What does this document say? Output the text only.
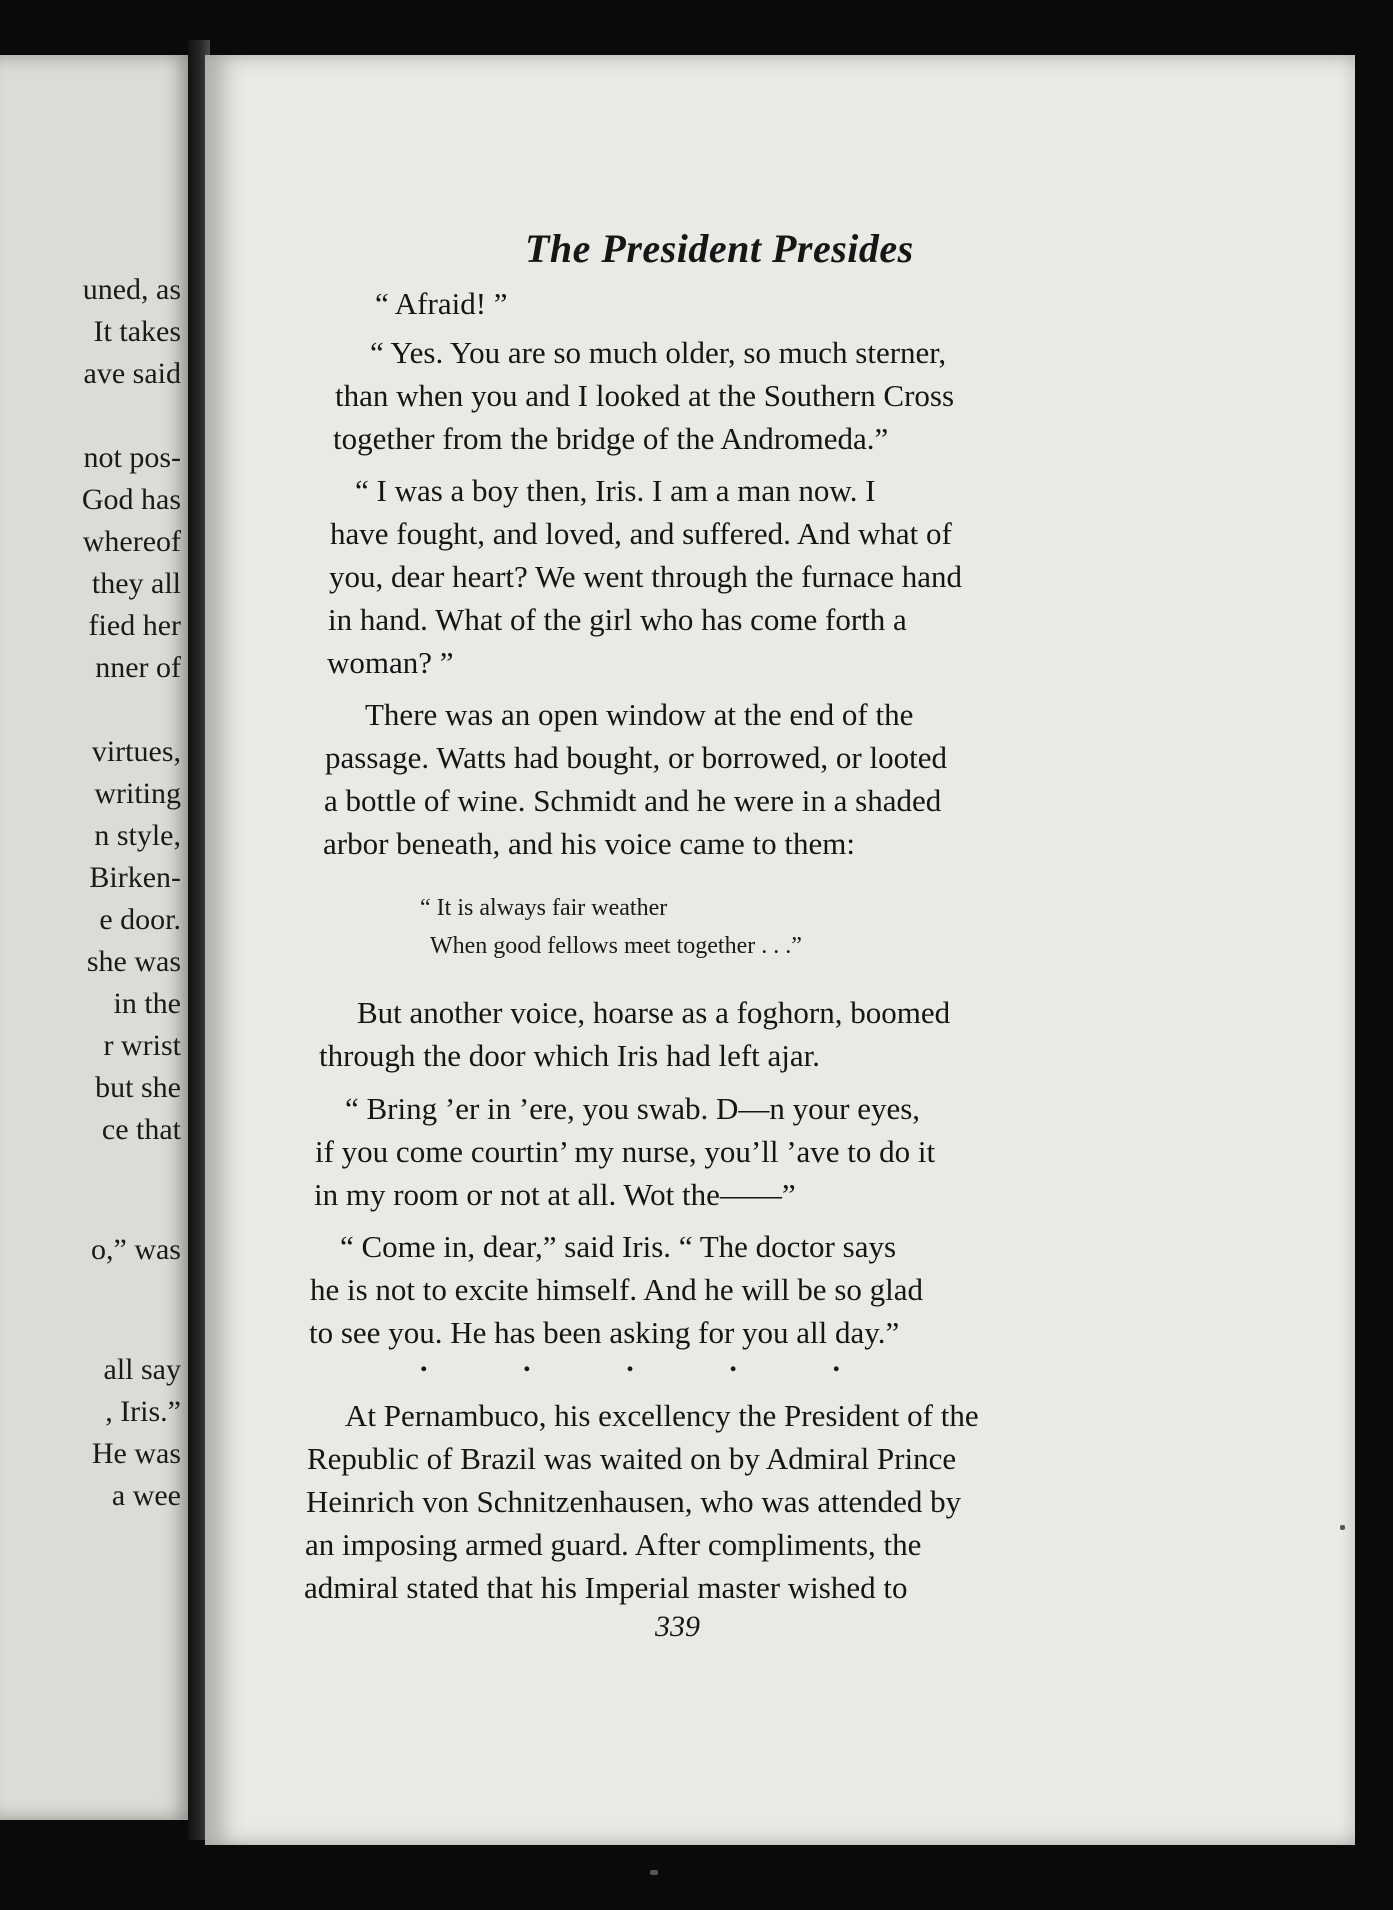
uned, as
It takes
ave said
not pos-
God has
whereof
they all
fied her
nner of
virtues,
writing
n style,
Birken-
e door.
she was
in the
r wrist
but she
ce that
o,” was
all say
, Iris.”
He was
a wee
The President Presides
“ Afraid! ”
“ Yes. You are so much older, so much sterner,
than when you and I looked at the Southern Cross
together from the bridge of the Andromeda.”
“ I was a boy then, Iris. I am a man now. I
have fought, and loved, and suffered. And what of
you, dear heart? We went through the furnace hand
in hand. What of the girl who has come forth a
woman? ”
There was an open window at the end of the
passage. Watts had bought, or borrowed, or looted
a bottle of wine. Schmidt and he were in a shaded
arbor beneath, and his voice came to them:
“ It is always fair weather
When good fellows meet together . . .”
But another voice, hoarse as a foghorn, boomed
through the door which Iris had left ajar.
“ Bring ’er in ’ere, you swab. D—n your eyes,
if you come courtin’ my nurse, you’ll ’ave to do it
in my room or not at all. Wot the——”
“ Come in, dear,” said Iris. “ The doctor says
he is not to excite himself. And he will be so glad
to see you. He has been asking for you all day.”
.	.	.	.	.
At Pernambuco, his excellency the President of the
Republic of Brazil was waited on by Admiral Prince
Heinrich von Schnitzenhausen, who was attended by
an imposing armed guard. After compliments, the
admiral stated that his Imperial master wished to
339
